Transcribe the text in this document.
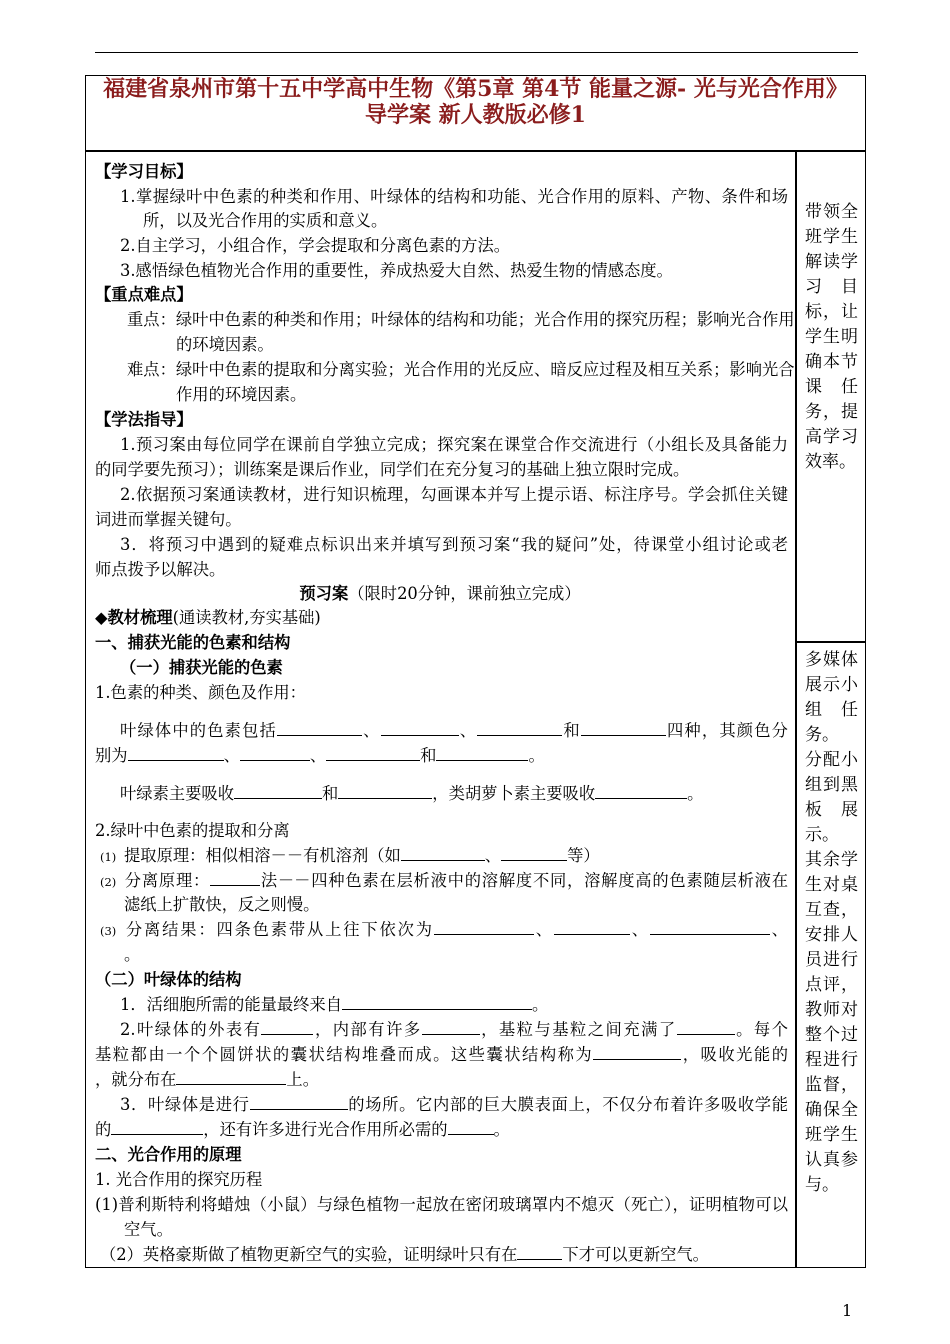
福建省泉州市第十五中学高中生物《第5章 第4节 能量之源- 光与光合作用》
导学案 新人教版必修1
【学习目标】
1.掌握绿叶中色素的种类和作用、叶绿体的结构和功能、光合作用的原料、产物、条件和场
所，以及光合作用的实质和意义。
2.自主学习，小组合作，学会提取和分离色素的方法。
3.感悟绿色植物光合作用的重要性，养成热爱大自然、热爱生物的情感态度。
【重点难点】
重点：绿叶中色素的种类和作用；叶绿体的结构和功能；光合作用的探究历程；影响光合作用
的环境因素。
难点：绿叶中色素的提取和分离实验；光合作用的光反应、暗反应过程及相互关系；影响光合
作用的环境因素。
【学法指导】
1.预习案由每位同学在课前自学独立完成；探究案在课堂合作交流进行（小组长及具备能力
的同学要先预习）；训练案是课后作业，同学们在充分复习的基础上独立限时完成。
2.依据预习案通读教材，进行知识梳理，勾画课本并写上提示语、标注序号。学会抓住关键
词进而掌握关键句。
3．将预习中遇到的疑难点标识出来并填写到预习案“我的疑问”处，待课堂小组讨论或老
师点拨予以解决。
预习案（限时20分钟，课前独立完成）
◆教材梳理(通读教材,夯实基础)
一、捕获光能的色素和结构
（一）捕获光能的色素
1.色素的种类、颜色及作用：
叶绿体中的色素包括	、	、	和	四种，其颜色分
别为	、	、	和	。
叶绿素主要吸收	和	，类胡萝卜素主要吸收	。
2.绿叶中色素的提取和分离
(1) 提取原理：相似相溶－－有机溶剂（如	、	等）
(2) 分离原理：	法－－四种色素在层析液中的溶解度不同，溶解度高的色素随层析液在
滤纸上扩散快，反之则慢。
(3) 分离结果：四条色素带从上往下依次为	、	、	、
。
（二）叶绿体的结构
1．活细胞所需的能量最终来自	。
2.叶绿体的外表有	，内部有许多	，基粒与基粒之间充满了	。每个
基粒都由一个个圆饼状的囊状结构堆叠而成。这些囊状结构称为	，吸收光能的
，就分布在	上。
3．叶绿体是进行	的场所。它内部的巨大膜表面上，不仅分布着许多吸收学能
的	，还有许多进行光合作用所必需的	。
二、光合作用的原理
1. 光合作用的探究历程
(1)普利斯特利将蜡烛（小鼠）与绿色植物一起放在密闭玻璃罩内不熄灭（死亡），证明植物可以
空气。
（2）英格豪斯做了植物更新空气的实验，证明绿叶只有在	下才可以更新空气。

带领全班学生解读学习目标，让学生明确本节课任务，提高学习效率。

多媒体展示小组任务。

分配小组到黑板展示。

其余学生对桌互查，安排人员进行点评，教师对整个过程进行监督，确保全班学生认真参与。

1
